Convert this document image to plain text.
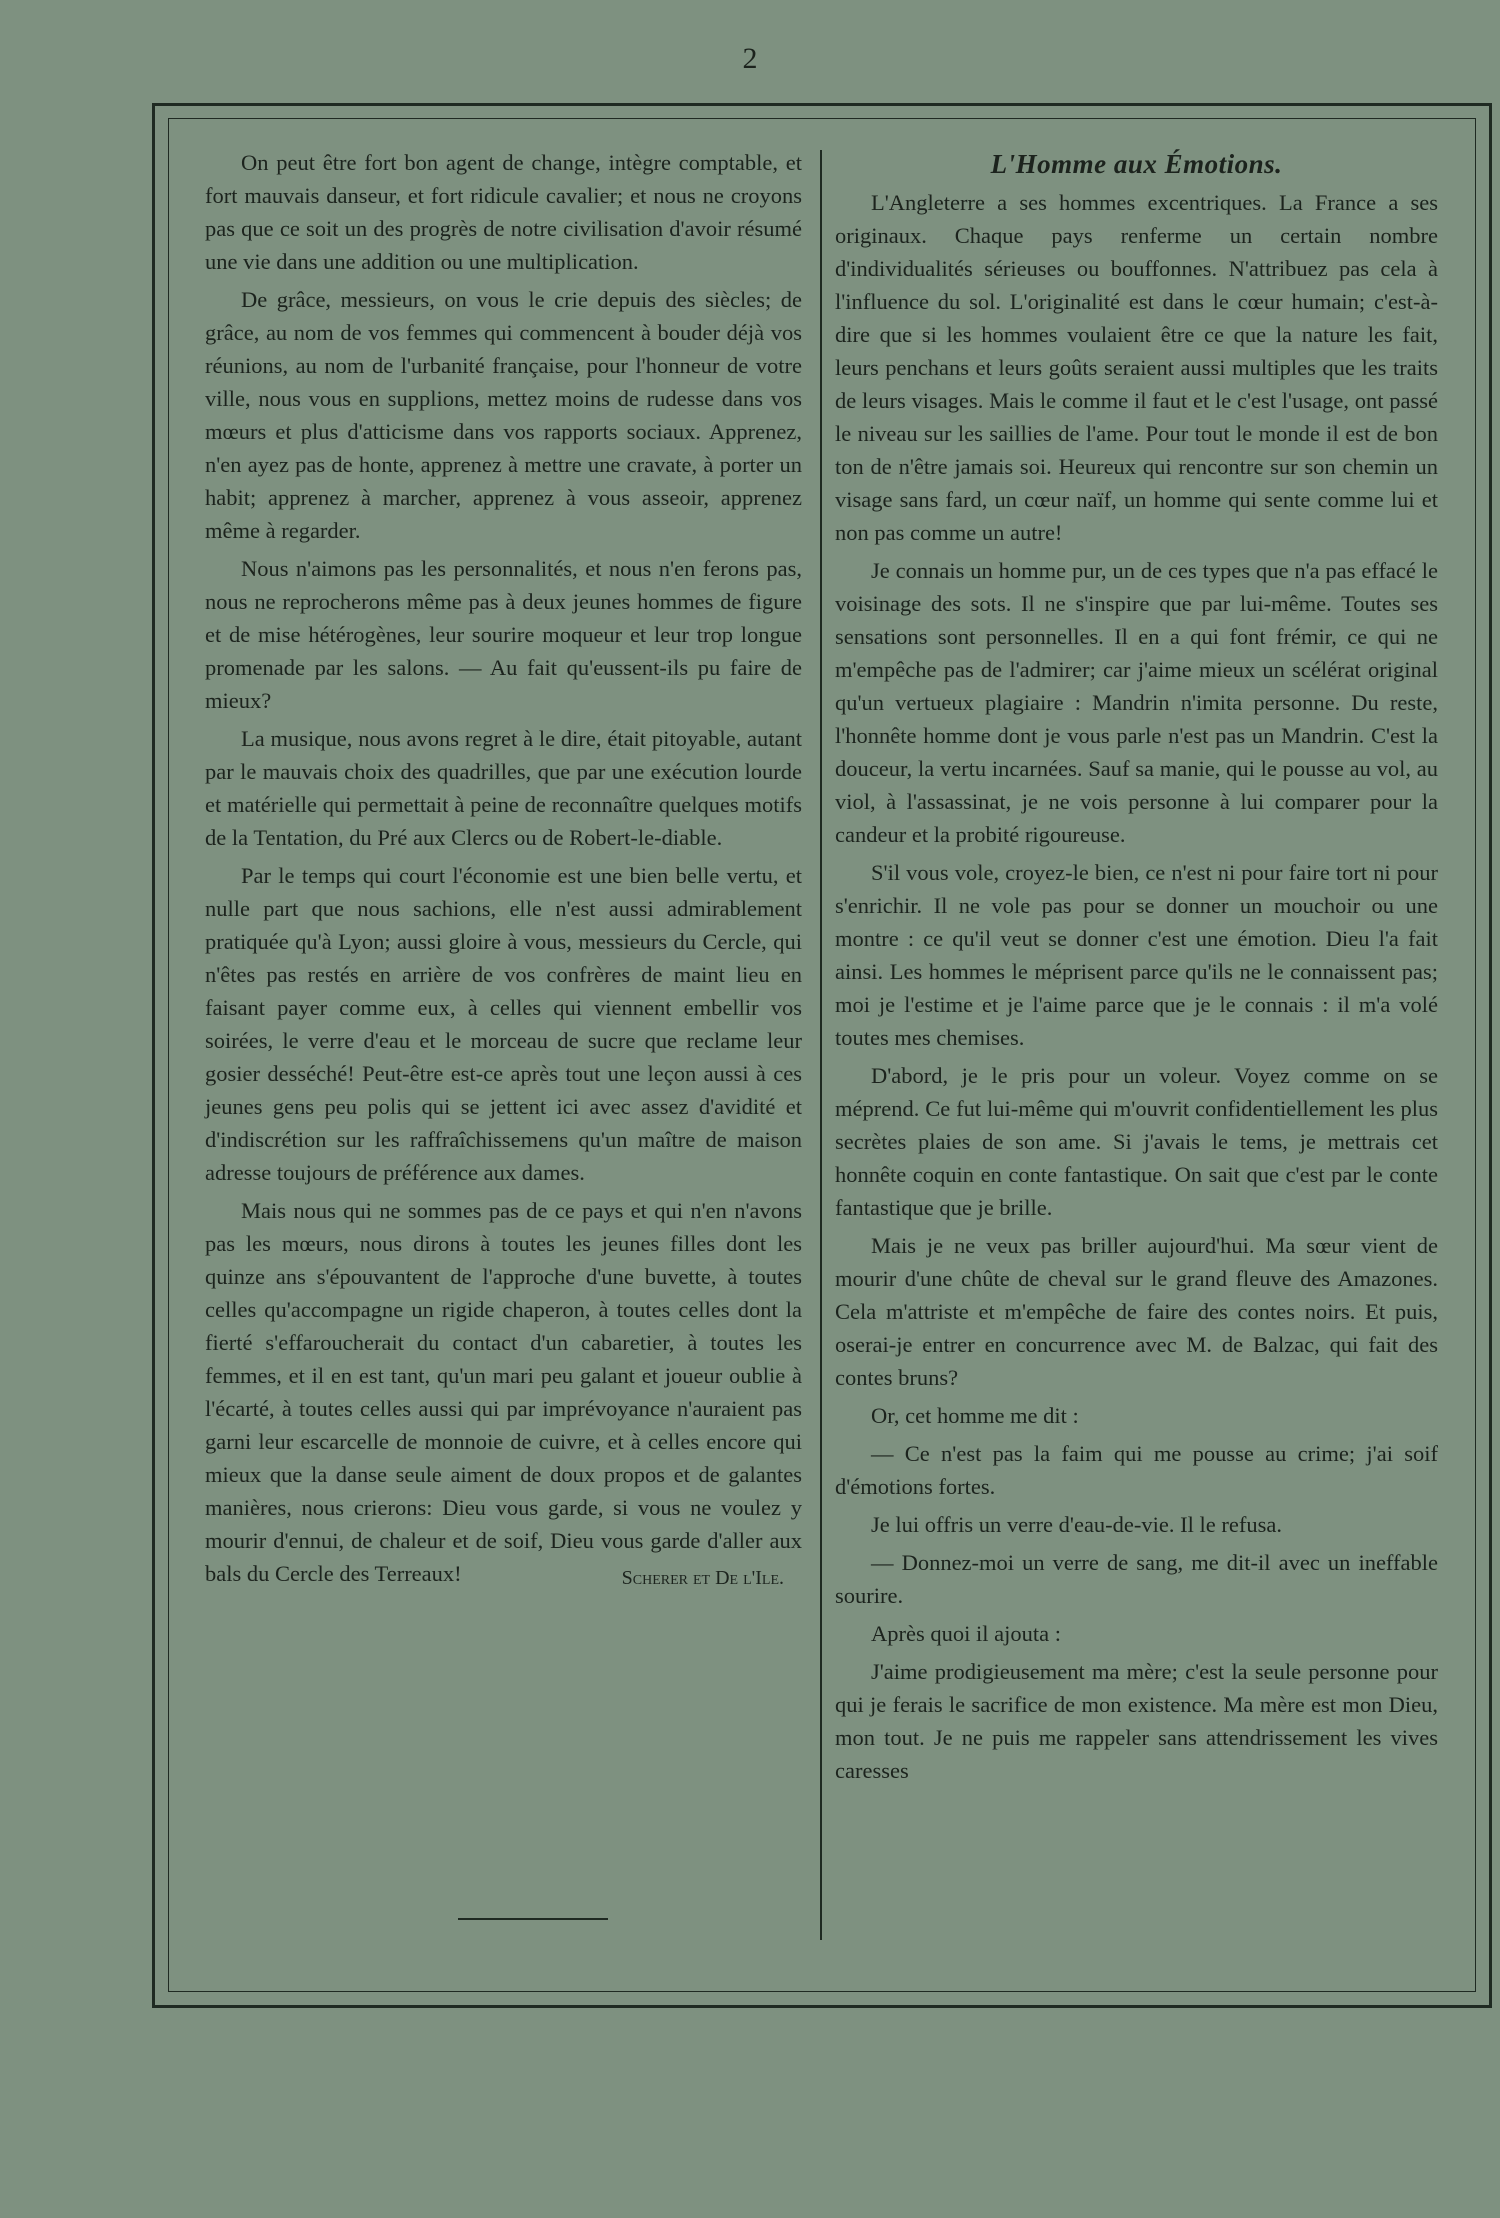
2

On peut être fort bon agent de change, intègre comptable, et fort mauvais danseur, et fort ridicule cavalier; et nous ne croyons pas que ce soit un des progrès de notre civilisation d'avoir résumé une vie dans une addition ou une multiplication.

De grâce, messieurs, on vous le crie depuis des siècles; de grâce, au nom de vos femmes qui commencent à bouder déjà vos réunions, au nom de l'urbanité française, pour l'honneur de votre ville, nous vous en supplions, mettez moins de rudesse dans vos mœurs et plus d'atticisme dans vos rapports sociaux. Apprenez, n'en ayez pas de honte, apprenez à mettre une cravate, à porter un habit; apprenez à marcher, apprenez à vous asseoir, apprenez même à regarder.

Nous n'aimons pas les personnalités, et nous n'en ferons pas, nous ne reprocherons même pas à deux jeunes hommes de figure et de mise hétérogènes, leur sourire moqueur et leur trop longue promenade par les salons. — Au fait qu'eussent-ils pu faire de mieux?

La musique, nous avons regret à le dire, était pitoyable, autant par le mauvais choix des quadrilles, que par une exécution lourde et matérielle qui permettait à peine de reconnaître quelques motifs de la Tentation, du Pré aux Clercs ou de Robert-le-diable.

Par le temps qui court l'économie est une bien belle vertu, et nulle part que nous sachions, elle n'est aussi admirablement pratiquée qu'à Lyon; aussi gloire à vous, messieurs du Cercle, qui n'êtes pas restés en arrière de vos confrères de maint lieu en faisant payer comme eux, à celles qui viennent embellir vos soirées, le verre d'eau et le morceau de sucre que reclame leur gosier desséché! Peut-être est-ce après tout une leçon aussi à ces jeunes gens peu polis qui se jettent ici avec assez d'avidité et d'indiscrétion sur les raffraîchissemens qu'un maître de maison adresse toujours de préférence aux dames.

Mais nous qui ne sommes pas de ce pays et qui n'en n'avons pas les mœurs, nous dirons à toutes les jeunes filles dont les quinze ans s'épouvantent de l'approche d'une buvette, à toutes celles qu'accompagne un rigide chaperon, à toutes celles dont la fierté s'effaroucherait du contact d'un cabaretier, à toutes les femmes, et il en est tant, qu'un mari peu galant et joueur oublie à l'écarté, à toutes celles aussi qui par imprévoyance n'auraient pas garni leur escarcelle de monnoie de cuivre, et à celles encore qui mieux que la danse seule aiment de doux propos et de galantes manières, nous crierons: Dieu vous garde, si vous ne voulez y mourir d'ennui, de chaleur et de soif, Dieu vous garde d'aller aux bals du Cercle des Terreaux!	Scherer et De l'Ile.
L'Homme aux Émotions.

L'Angleterre a ses hommes excentriques. La France a ses originaux. Chaque pays renferme un certain nombre d'individualités sérieuses ou bouffonnes. N'attribuez pas cela à l'influence du sol. L'originalité est dans le cœur humain; c'est-à-dire que si les hommes voulaient être ce que la nature les fait, leurs penchans et leurs goûts seraient aussi multiples que les traits de leurs visages. Mais le comme il faut et le c'est l'usage, ont passé le niveau sur les saillies de l'ame. Pour tout le monde il est de bon ton de n'être jamais soi. Heureux qui rencontre sur son chemin un visage sans fard, un cœur naïf, un homme qui sente comme lui et non pas comme un autre!

Je connais un homme pur, un de ces types que n'a pas effacé le voisinage des sots. Il ne s'inspire que par lui-même. Toutes ses sensations sont personnelles. Il en a qui font frémir, ce qui ne m'empêche pas de l'admirer; car j'aime mieux un scélérat original qu'un vertueux plagiaire : Mandrin n'imita personne. Du reste, l'honnête homme dont je vous parle n'est pas un Mandrin. C'est la douceur, la vertu incarnées. Sauf sa manie, qui le pousse au vol, au viol, à l'assassinat, je ne vois personne à lui comparer pour la candeur et la probité rigoureuse.

S'il vous vole, croyez-le bien, ce n'est ni pour faire tort ni pour s'enrichir. Il ne vole pas pour se donner un mouchoir ou une montre : ce qu'il veut se donner c'est une émotion. Dieu l'a fait ainsi. Les hommes le méprisent parce qu'ils ne le connaissent pas; moi je l'estime et je l'aime parce que je le connais : il m'a volé toutes mes chemises.

D'abord, je le pris pour un voleur. Voyez comme on se méprend. Ce fut lui-même qui m'ouvrit confidentiellement les plus secrètes plaies de son ame. Si j'avais le tems, je mettrais cet honnête coquin en conte fantastique. On sait que c'est par le conte fantastique que je brille.

Mais je ne veux pas briller aujourd'hui. Ma sœur vient de mourir d'une chûte de cheval sur le grand fleuve des Amazones. Cela m'attriste et m'empêche de faire des contes noirs. Et puis, oserai-je entrer en concurrence avec M. de Balzac, qui fait des contes bruns?

Or, cet homme me dit :

— Ce n'est pas la faim qui me pousse au crime; j'ai soif d'émotions fortes.

Je lui offris un verre d'eau-de-vie. Il le refusa.

— Donnez-moi un verre de sang, me dit-il avec un ineffable sourire.

Après quoi il ajouta :

J'aime prodigieusement ma mère; c'est la seule personne pour qui je ferais le sacrifice de mon existence. Ma mère est mon Dieu, mon tout. Je ne puis me rappeler sans attendrissement les vives caresses
